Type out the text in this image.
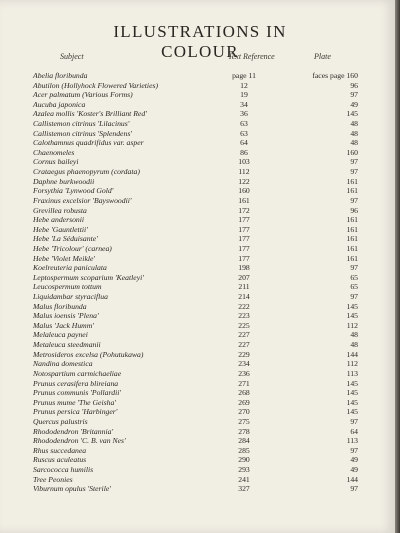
ILLUSTRATIONS IN COLOUR
Subject	Text Reference	Plate
Abelia floribunda	page 11	faces page 160
Abutilon (Hollyhock Flowered Varieties)	12	96
Acer palmatum (Various Forms)	19	97
Aucuba japonica	34	49
Azalea mollis 'Koster's Brilliant Red'	36	145
Callistemon citrinus 'Lilacinus'	63	48
Callistemon citrinus 'Splendens'	63	48
Calothamnus quadrifidus var. asper	64	48
Chaenomeles	86	160
Cornus baileyi	103	97
Crataegus phaenopyrum (cordata)	112	97
Daphne burkwoodii	122	161
Forsythia 'Lynwood Gold'	160	161
Fraxinus excelsior 'Bayswoodii'	161	97
Grevillea robusta	172	96
Hebe andersonii	177	161
Hebe 'Gauntlettii'	177	161
Hebe 'La Séduisante'	177	161
Hebe 'Tricolour' (carnea)	177	161
Hebe 'Violet Meikle'	177	161
Koelreuteria paniculata	198	97
Leptospermum scoparium 'Keatleyi'	207	65
Leucospermum tottum	211	65
Liquidambar styraciflua	214	97
Malus floribunda	222	145
Malus ioensis 'Plena'	223	145
Malus 'Jack Humm'	225	112
Melaleuca paynei	227	48
Metaleuca steedmanii	227	48
Metrosideros excelsa (Pohutukawa)	229	144
Nandina domestica	234	112
Notospartium carmichaeliae	236	113
Prunus cerasifera blireiana	271	145
Prunus communis 'Pollardii'	268	145
Prunus mume 'The Geisha'	269	145
Prunus persica 'Harbinger'	270	145
Quercus palustris	275	97
Rhododendron 'Britannia'	278	64
Rhododendron 'C. B. van Nes'	284	113
Rhus succedanea	285	97
Ruscus aculeatus	290	49
Sarcococca humilis	293	49
Tree Peonies	241	144
Viburnum opulus 'Sterile'	327	97
